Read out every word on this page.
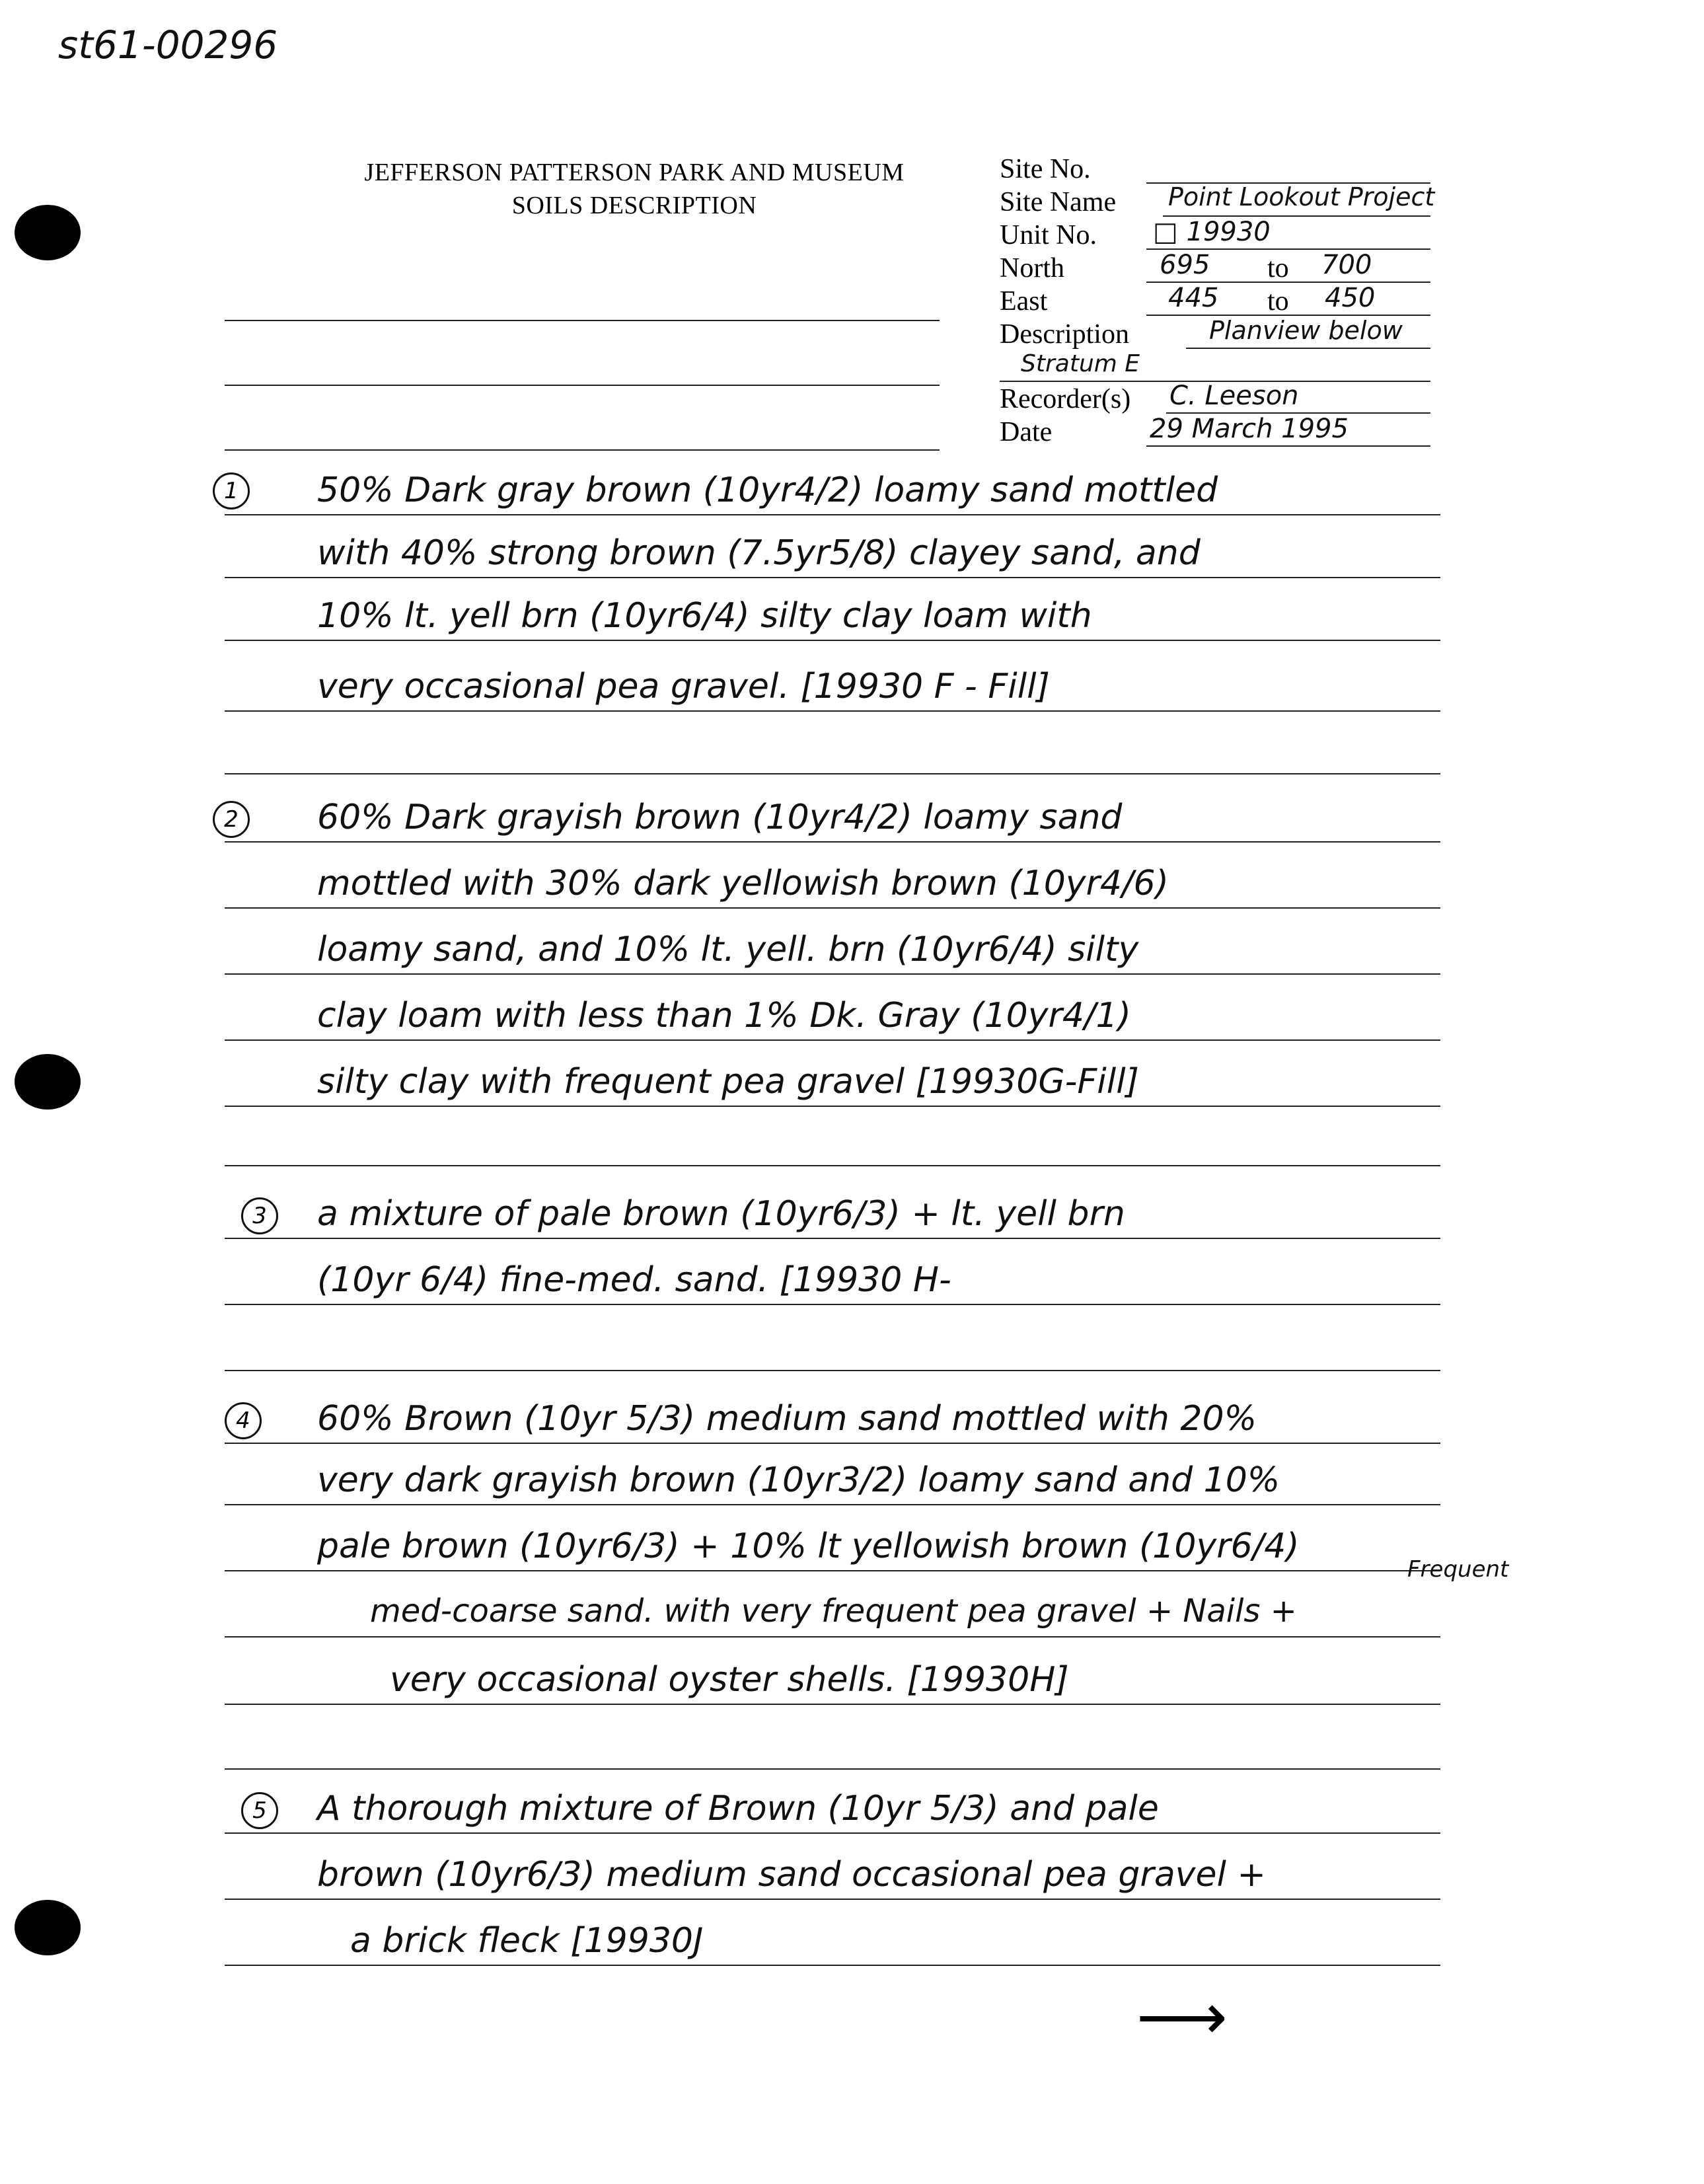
st61-00296
JEFFERSON PATTERSON PARK AND MUSEUM
SOILS DESCRIPTION
Site No.
Site Name Point Lookout Project
Unit No. □ 19930
North	695 to 700
East	445 to 450
Description	Planview below
Stratum E
Recorder(s) C. Leeson
Date	29 March 1995
1	50% Dark gray brown (10yr4/2) loamy sand mottled
with 40% strong brown (7.5yr5/8) clayey sand, and
10% lt. yell brn (10yr6/4) silty clay loam with
very occasional pea gravel. [19930 F - Fill]
2	60% Dark grayish brown (10yr4/2) loamy sand
mottled with 30% dark yellowish brown (10yr4/6)
loamy sand, and 10% lt. yell. brn (10yr6/4) silty
clay loam with less than 1% Dk. Gray (10yr4/1)
silty clay with frequent pea gravel [19930G-Fill]
3	a mixture of pale brown (10yr6/3) + lt. yell brn
(10yr 6/4) fine-med. sand. [19930 H-
4	60% Brown (10yr 5/3) medium sand mottled with 20%
very dark grayish brown (10yr3/2) loamy sand and 10%
pale brown (10yr6/3) + 10% lt yellowish brown (10yr6/4)
med-coarse sand. with very frequent pea gravel + Nails +
Frequent
very occasional oyster shells. [19930H]
5	A thorough mixture of Brown (10yr 5/3) and pale
brown (10yr6/3) medium sand occasional pea gravel +
a brick fleck [19930J
⟶
